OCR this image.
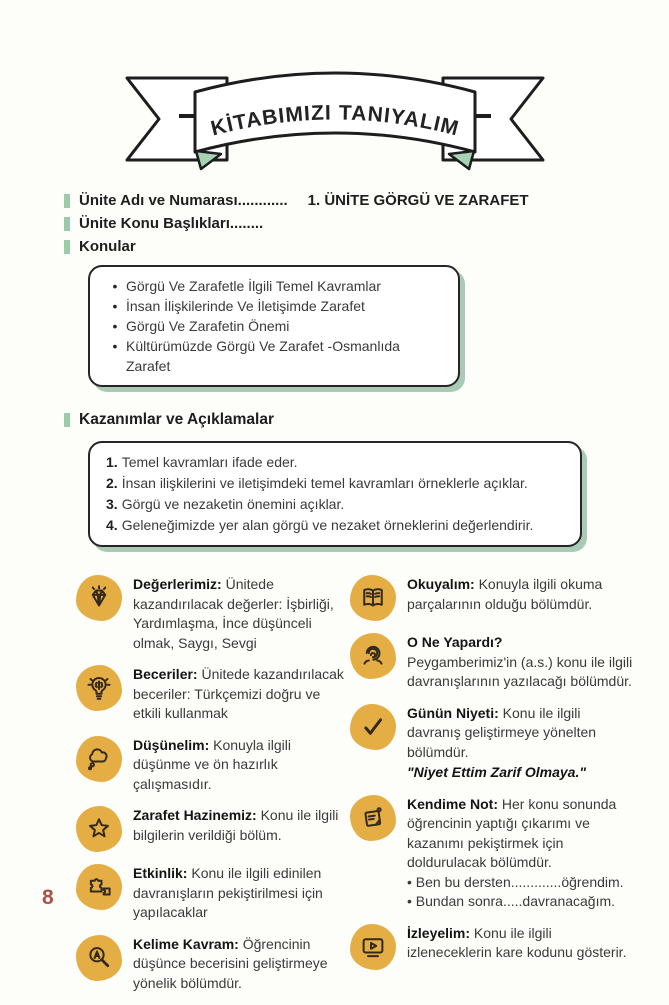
KİTABIMIZI TANIYALIM
Ünite Adı ve Numarası............ 1. ÜNİTE GÖRGÜ VE ZARAFET
Ünite Konu Başlıkları........
Konular
• Görgü Ve Zarafetle İlgili Temel Kavramlar
• İnsan İlişkilerinde Ve İletişimde Zarafet
• Görgü Ve Zarafetin Önemi
• Kültürümüzde Görgü Ve Zarafet -Osmanlıda Zarafet
Kazanımlar ve Açıklamalar
1. Temel kavramları ifade eder.
2. İnsan ilişkilerini ve iletişimdeki temel kavramları örneklerle açıklar.
3. Görgü ve nezaketin önemini açıklar.
4. Geleneğimizde yer alan görgü ve nezaket örneklerini değerlendirir.
Değerlerimiz: Ünitede kazandırılacak değerler: İşbirliği, Yardımlaşma, İnce düşünceli olmak, Saygı, Sevgi
Beceriler: Ünitede kazandırılacak beceriler: Türkçemizi doğru ve etkili kullanmak
Düşünelim: Konuyla ilgili düşünme ve ön hazırlık çalışmasıdır.
Zarafet Hazinemiz: Konu ile ilgili bilgilerin verildiği bölüm.
Etkinlik: Konu ile ilgili edinilen davranışların pekiştirilmesi için yapılacaklar
Kelime Kavram: Öğrencinin düşünce becerisini geliştirmeye yönelik bölümdür.
Okuyalım: Konuyla ilgili okuma parçalarının olduğu bölümdür.
O Ne Yapardı?
Peygamberimiz'in (a.s.) konu ile ilgili davranışlarının yazılacağı bölümdür.
Günün Niyeti: Konu ile ilgili davranış geliştirmeye yönelten bölümdür.
"Niyet Ettim Zarif Olmaya."
Kendime Not: Her konu sonunda öğrencinin yaptığı çıkarımı ve kazanımı pekiştirmek için doldurulacak bölümdür.
• Ben bu dersten.............öğrendim.
• Bundan sonra.....davranacağım.
İzleyelim: Konu ile ilgili izleneceklerin kare kodunu gösterir.
8
